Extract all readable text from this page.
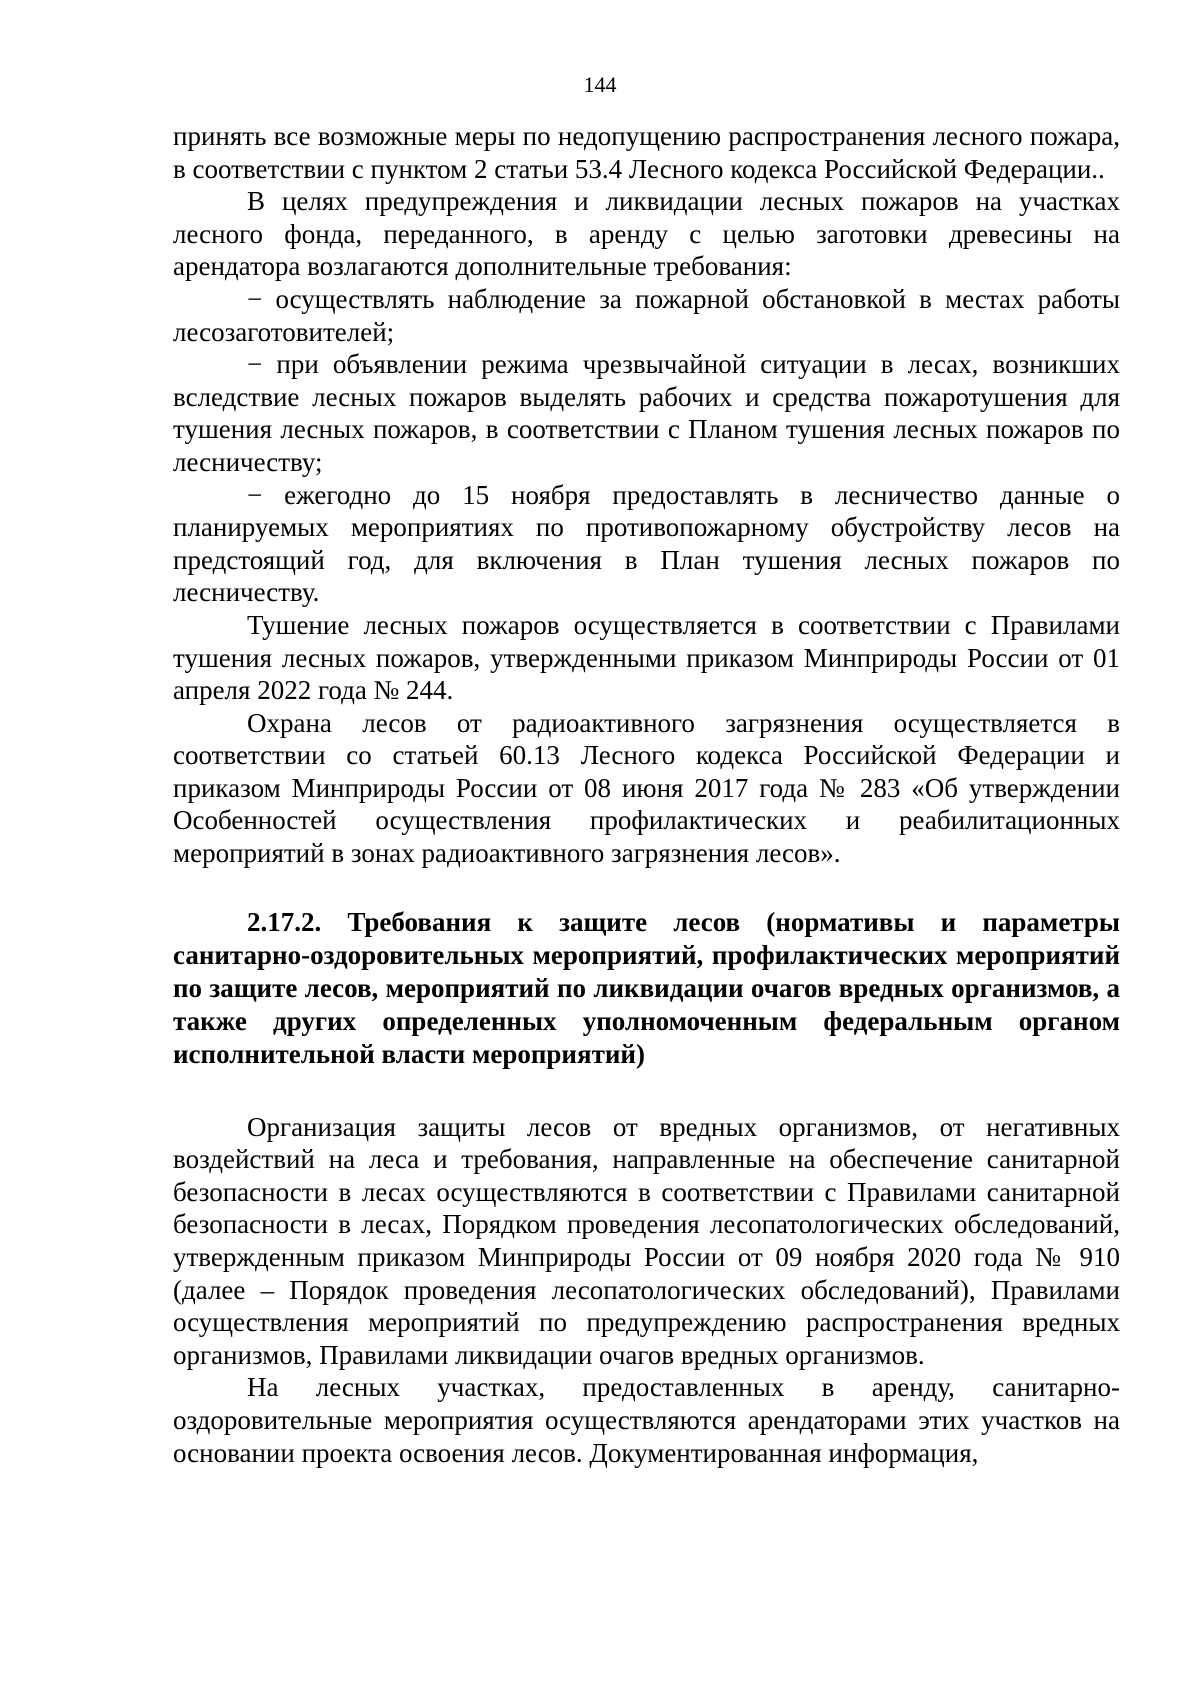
144

принять все возможные меры по недопущению распространения лесного пожара, в соответствии с пунктом 2 статьи 53.4 Лесного кодекса Российской Федерации..

В целях предупреждения и ликвидации лесных пожаров на участках лесного фонда, переданного, в аренду с целью заготовки древесины на арендатора возлагаются дополнительные требования:

− осуществлять наблюдение за пожарной обстановкой в местах работы лесозаготовителей;

− при объявлении режима чрезвычайной ситуации в лесах, возникших вследствие лесных пожаров выделять рабочих и средства пожаротушения для тушения лесных пожаров, в соответствии с Планом тушения лесных пожаров по лесничеству;

− ежегодно до 15 ноября предоставлять в лесничество данные о планируемых мероприятиях по противопожарному обустройству лесов на предстоящий год, для включения в План тушения лесных пожаров по лесничеству.

Тушение лесных пожаров осуществляется в соответствии с Правилами тушения лесных пожаров, утвержденными приказом Минприроды России от 01 апреля 2022 года № 244.

Охрана лесов от радиоактивного загрязнения осуществляется в соответствии со статьей 60.13 Лесного кодекса Российской Федерации и приказом Минприроды России от 08 июня 2017 года № 283 «Об утверждении Особенностей осуществления профилактических и реабилитационных мероприятий в зонах радиоактивного загрязнения лесов».

2.17.2. Требования к защите лесов (нормативы и параметры санитарно-оздоровительных мероприятий, профилактических мероприятий по защите лесов, мероприятий по ликвидации очагов вредных организмов, а также других определенных уполномоченным федеральным органом исполнительной власти мероприятий)

Организация защиты лесов от вредных организмов, от негативных воздействий на леса и требования, направленные на обеспечение санитарной безопасности в лесах осуществляются в соответствии с Правилами санитарной безопасности в лесах, Порядком проведения лесопатологических обследований, утвержденным приказом Минприроды России от 09 ноября 2020 года № 910 (далее – Порядок проведения лесопатологических обследований), Правилами осуществления мероприятий по предупреждению распространения вредных организмов, Правилами ликвидации очагов вредных организмов.

На лесных участках, предоставленных в аренду, санитарно-оздоровительные мероприятия осуществляются арендаторами этих участков на основании проекта освоения лесов. Документированная информация,
